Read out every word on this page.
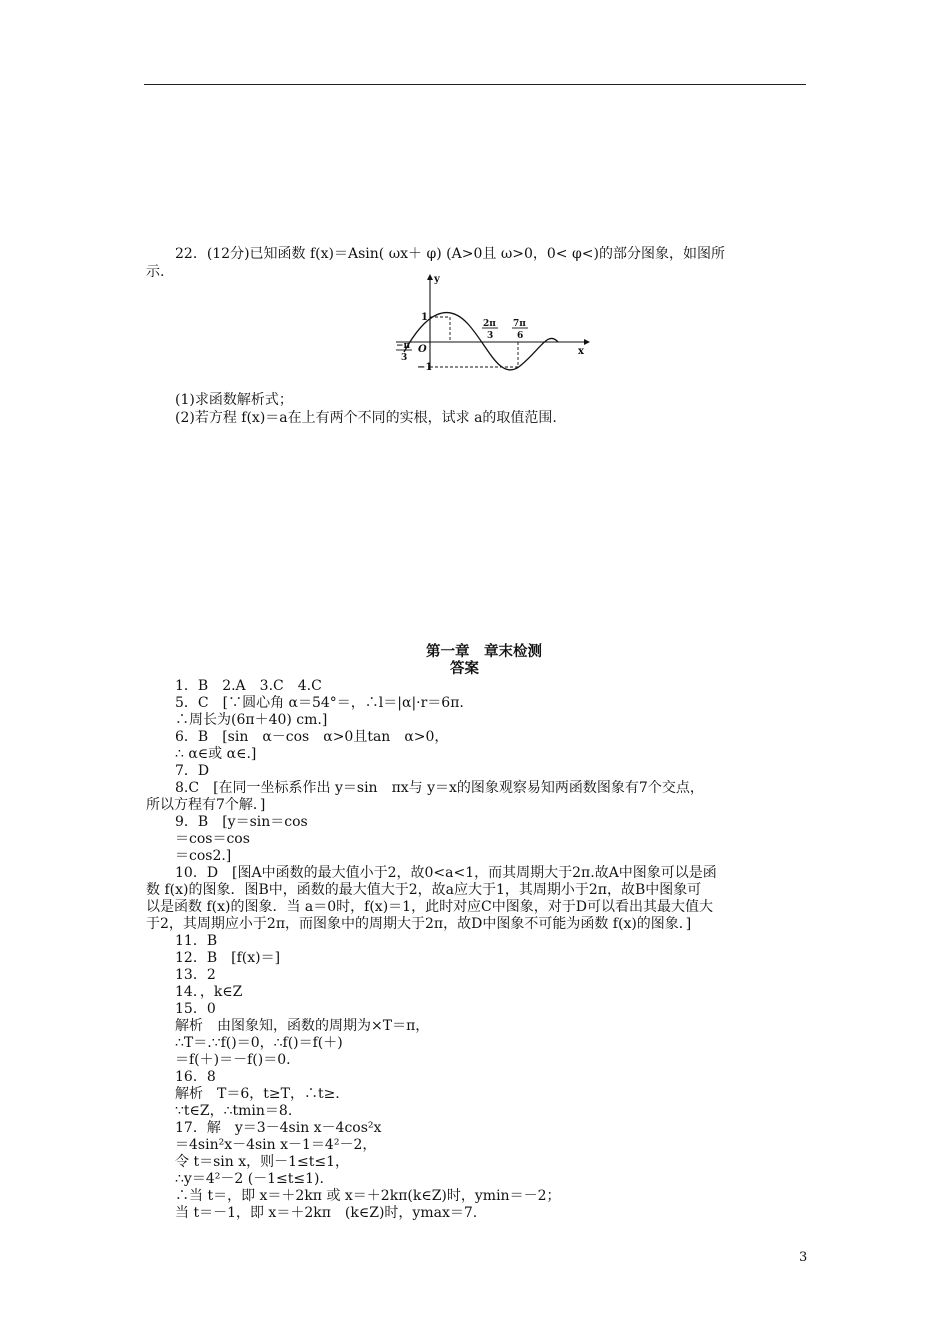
22．(12分)已知函数 f(x)＝Asin( ωx＋ φ) (A>0且 ω>0，0< φ<)的部分图象，如图所
示.	y
x
O
1
−1
−π
3
2π
3
7π
6
(1)求函数解析式；
(2)若方程 f(x)＝a在上有两个不同的实根，试求 a的取值范围.
第一章　章末检测
答案
1．B　2.A　3.C　4.C
5．C　[∵圆心角 α＝54°＝，∴l＝|α|·r＝6π.
∴周长为(6π＋40) cm.]
6．B　[sin　α－cos　α>0且tan　α>0，
∴ α∈或 α∈.]
7．D
8.C　[在同一坐标系作出 y＝sin　πx与 y＝x的图象观察易知两函数图象有7个交点，
所以方程有7个解．]
9．B　[y＝sin＝cos
＝cos＝cos
＝cos2.]
10．D　[图A中函数的最大值小于2，故0<a<1，而其周期大于2π.故A中图象可以是函
数 f(x)的图象．图B中，函数的最大值大于2，故a应大于1，其周期小于2π，故B中图象可
以是函数 f(x)的图象．当 a＝0时，f(x)＝1，此时对应C中图象，对于D可以看出其最大值大
于2，其周期应小于2π，而图象中的周期大于2π，故D中图象不可能为函数 f(x)的图象．]
11．B
12．B　[f(x)＝]
13．2
14．，k∈Z
15．0
解析　由图象知，函数的周期为×T＝π，
∴T＝.∵f()＝0，∴f()＝f(＋)
＝f(＋)＝－f()＝0.
16．8
解析　T＝6，t≥T，∴t≥.
∵t∈Z，∴tmin＝8.
17．解　y＝3－4sin x－4cos²x
＝4sin²x－4sin x－1＝4²－2，
令 t＝sin x，则－1≤t≤1，
∴y＝4²－2 (－1≤t≤1).
∴当 t＝，即 x＝＋2kπ 或 x＝＋2kπ(k∈Z)时，ymin＝－2；
当 t＝－1，即 x＝＋2kπ　(k∈Z)时，ymax＝7.
3
